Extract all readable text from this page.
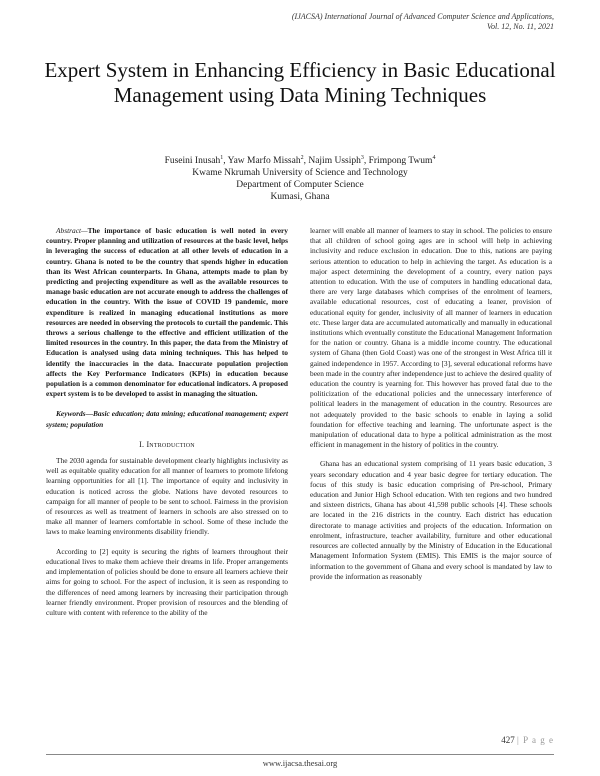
(IJACSA) International Journal of Advanced Computer Science and Applications,
Vol. 12, No. 11, 2021
Expert System in Enhancing Efficiency in Basic Educational Management using Data Mining Techniques
Fuseini Inusah$^1$, Yaw Marfo Missah$^2$, Najim Ussiph$^3$, Frimpong Twum$^4$
Kwame Nkrumah University of Science and Technology
Department of Computer Science
Kumasi, Ghana

Abstract—The importance of basic education is well noted in every country. Proper planning and utilization of resources at the basic level, helps in leveraging the success of education at all other levels of education in a country. Ghana is noted to be the country that spends higher in education than its West African counterparts. In Ghana, attempts made to plan by predicting and projecting expenditure as well as the available resources to manage basic education are not accurate enough to address the challenges of education in the country. With the issue of COVID 19 pandemic, more expenditure is realized in managing educational institutions as more resources are needed in observing the protocols to curtail the pandemic. This throws a serious challenge to the effective and efficient utilization of the limited resources in the country. In this paper, the data from the Ministry of Education is analysed using data mining techniques. This has helped to identify the inaccuracies in the data. Inaccurate population projection affects the Key Performance Indicators (KPIs) in education because population is a common denominator for educational indicators. A proposed expert system is to be developed to assist in managing the situation.

Keywords—Basic education; data mining; educational management; expert system; population

I. Introduction

The 2030 agenda for sustainable development clearly highlights inclusivity as well as equitable quality education for all manner of learners to promote lifelong learning opportunities for all [1]. The importance of equity and inclusivity in education is noticed across the globe. Nations have devoted resources to campaign for all manner of people to be sent to school. Fairness in the provision of resources as well as treatment of learners in schools are also stressed on to make all manner of learners comfortable in school. Some of these include the laws to make learning environments disability friendly.

According to [2] equity is securing the rights of learners throughout their educational lives to make them achieve their dreams in life. Proper arrangements and implementation of policies should be done to ensure all learners achieve their aims for going to school. For the aspect of inclusion, it is seen as responding to the differences of need among learners by increasing their participation through learner friendly environment. Proper provision of resources and the blending of culture with content with reference to the ability of the

learner will enable all manner of learners to stay in school. The policies to ensure that all children of school going ages are in school will help in achieving inclusivity and reduce exclusion in education. Due to this, nations are paying serious attention to education to help in achieving the target. As education is a major aspect determining the development of a country, every nation pays attention to education. With the use of computers in handling educational data, there are very large databases which comprises of the enrolment of learners, available educational resources, cost of educating a leaner, provision of educational equity for gender, inclusivity of all manner of learners in education etc. These larger data are accumulated automatically and manually in educational institutions which eventually constitute the Educational Management Information for the nation or country. Ghana is a middle income country. The educational system of Ghana (then Gold Coast) was one of the strongest in West Africa till it gained independence in 1957. According to [3], several educational reforms have been made in the country after independence just to achieve the desired quality of education the country is yearning for. This however has proved fatal due to the politicization of the educational policies and the unnecessary interference of political leaders in the management of education in the country. Resources are not adequately provided to the basic schools to enable in laying a solid foundation for effective teaching and learning. The unfortunate aspect is the manipulation of educational data to hype a political administration as the most efficient in management in the history of politics in the country.

Ghana has an educational system comprising of 11 years basic education, 3 years secondary education and 4 year basic degree for tertiary education. The focus of this study is basic education comprising of Pre-school, Primary education and Junior High School education. With ten regions and two hundred and sixteen districts, Ghana has about 41,598 public schools [4]. These schools are located in the 216 districts in the country. Each district has education directorate to manage activities and projects of the education. Information on enrolment, infrastructure, teacher availability, furniture and other educational resources are collected annually by the Ministry of Education in the Educational Management Information System (EMIS). This EMIS is the major source of information to the government of Ghana and every school is mandated by law to provide the information as reasonably

427 | P a g e
www.ijacsa.thesai.org
